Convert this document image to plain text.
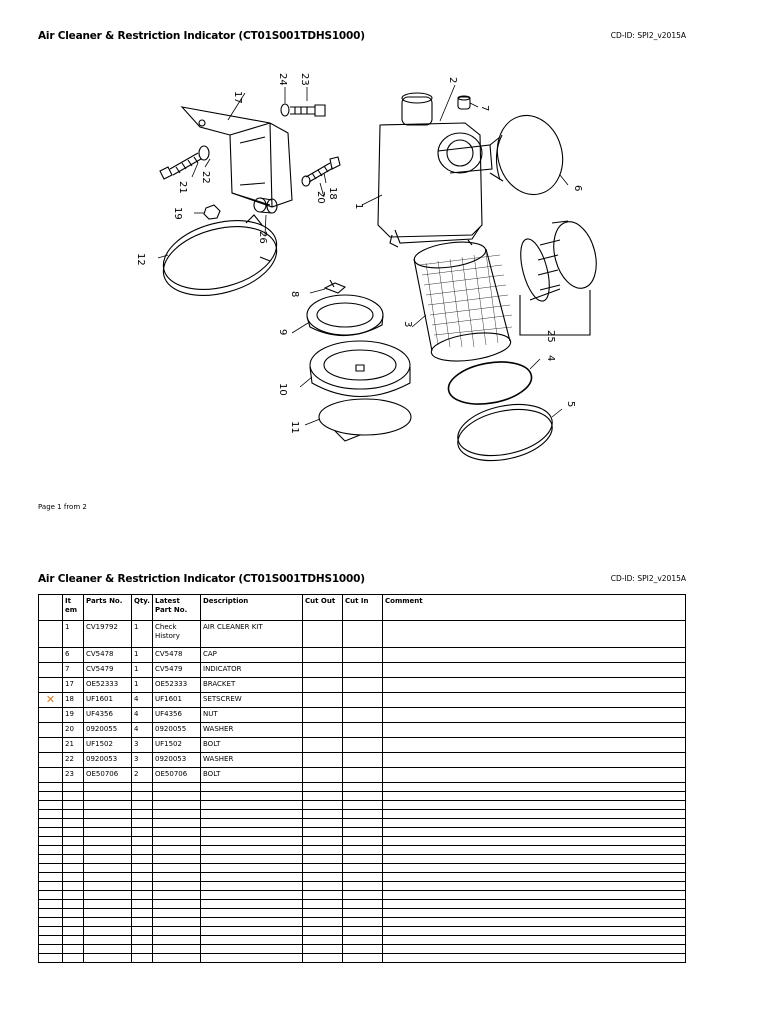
Air Cleaner & Restriction Indicator (CT01S001TDHS1000)	CD-ID: SPI2_v2015A
17
24 23	2
7
1
6
21
22
19
18
20
26
12
8
9
3
25
4
10
5
11
Page 1 from 2
Air Cleaner & Restriction Indicator (CT01S001TDHS1000)	CD-ID: SPI2_v2015A
	It em	Parts No.	Qty.	Latest Part No.	Description	Cut Out	Cut In	Comment
	1	CV19792	1	Check History	AIR CLEANER KIT			
	6	CV5478	1	CV5478	CAP			
	7	CV5479	1	CV5479	INDICATOR			
	17	OE52333	1	OE52333	BRACKET			

✕	18	UF1601	4	UF1601	SETSCREW			
	19	UF4356	4	UF4356	NUT			
	20	0920055	4	0920055	WASHER			
	21	UF1502	3	UF1502	BOLT			
	22	0920053	3	0920053	WASHER			
	23	OE50706	2	OE50706	BOLT			
